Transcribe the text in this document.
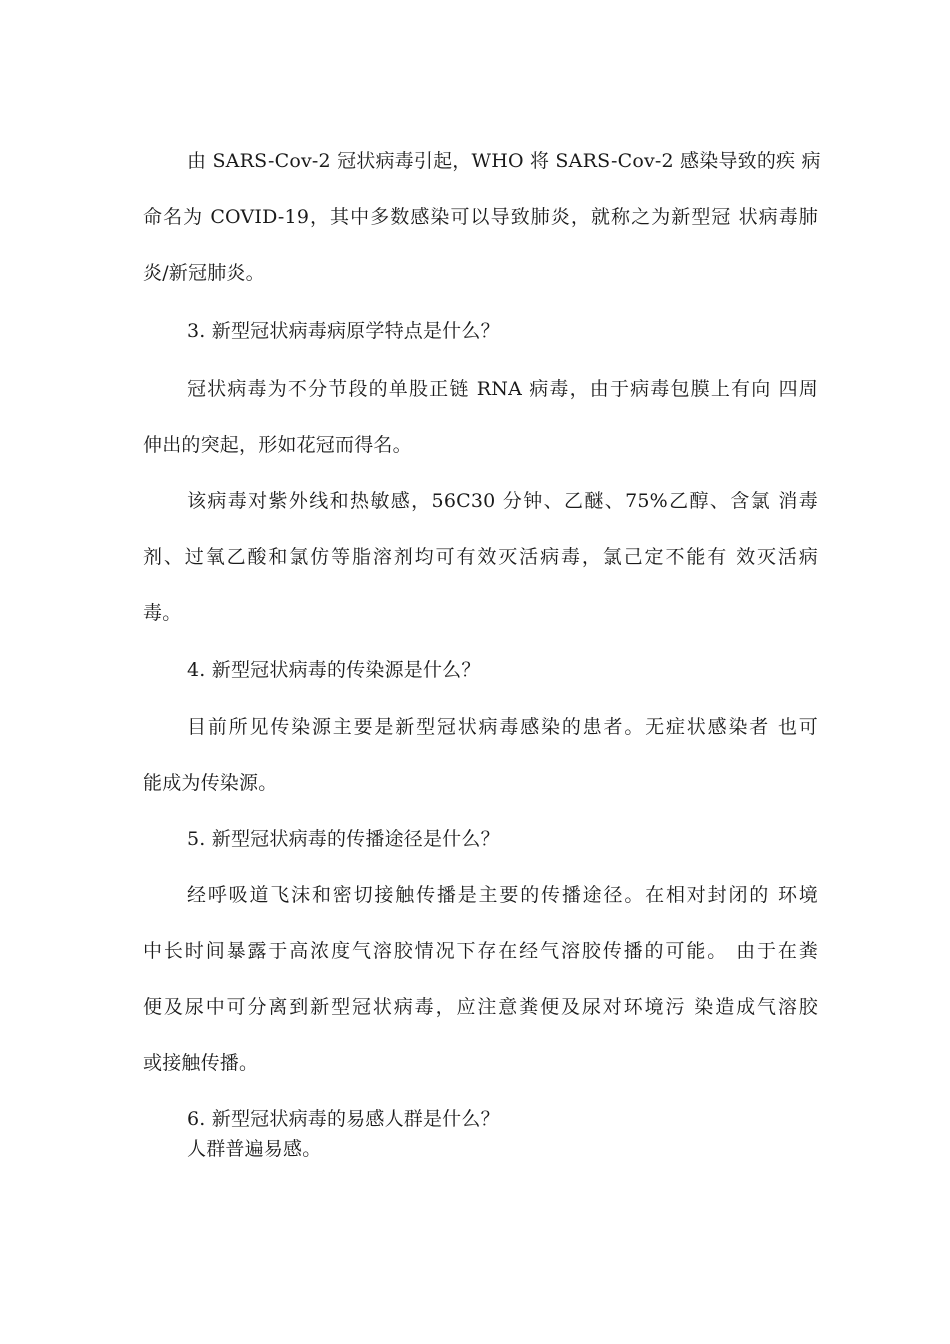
由 SARS-Cov-2 冠状病毒引起，WHO 将 SARS-Cov-2 感染导致的疾 病
命名为 COVID-19，其中多数感染可以导致肺炎，就称之为新型冠 状病毒肺
炎/新冠肺炎。
3. 新型冠状病毒病原学特点是什么？
冠状病毒为不分节段的单股正链 RNA 病毒，由于病毒包膜上有向 四周
伸出的突起，形如花冠而得名。
该病毒对紫外线和热敏感，56C30 分钟、乙醚、75%乙醇、含氯 消毒
剂、过氧乙酸和氯仿等脂溶剂均可有效灭活病毒，氯己定不能有 效灭活病
毒。
4. 新型冠状病毒的传染源是什么？
目前所见传染源主要是新型冠状病毒感染的患者。无症状感染者 也可
能成为传染源。
5. 新型冠状病毒的传播途径是什么？
经呼吸道飞沫和密切接触传播是主要的传播途径。在相对封闭的 环境
中长时间暴露于高浓度气溶胶情况下存在经气溶胶传播的可能。 由于在粪
便及尿中可分离到新型冠状病毒，应注意粪便及尿对环境污 染造成气溶胶
或接触传播。
6. 新型冠状病毒的易感人群是什么？
人群普遍易感。
